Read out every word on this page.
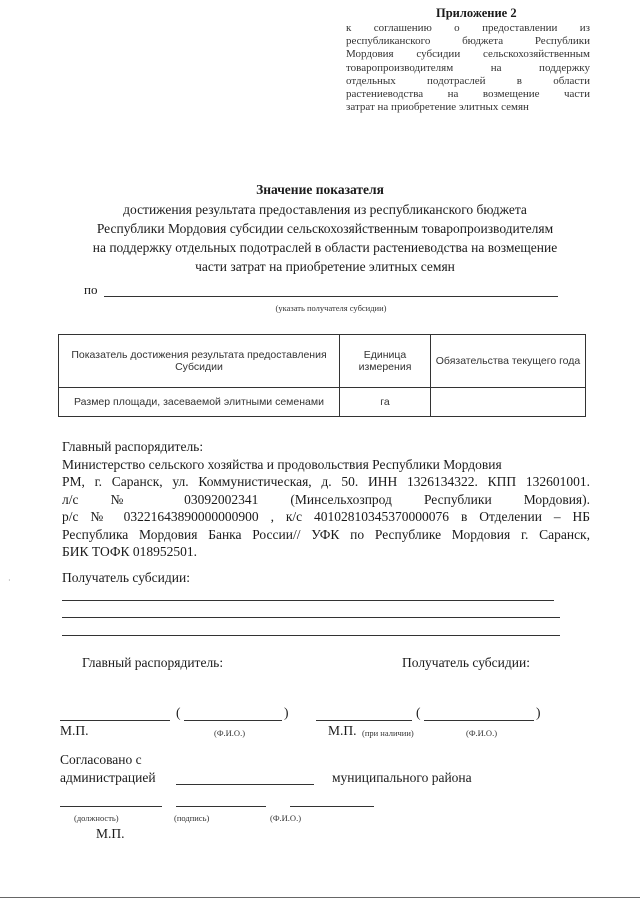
Приложение 2
к соглашению о предоставлении из
республиканского бюджета Республики
Мордовия субсидии сельскохозяйственным
товаропроизводителям на поддержку
отдельных подотраслей в области
растениеводства на возмещение части
затрат на приобретение элитных семян
Значение показателя
достижения результата предоставления из республиканского бюджета Республики Мордовия субсидии сельскохозяйственным товаропроизводителям на поддержку отдельных подотраслей в области растениеводства на возмещение части затрат на приобретение элитных семян
по
(указать получателя субсидии)
Показатель достижения результата предоставления Субсидии	Единица измерения	Обязательства текущего года
Размер площади, засеваемой элитными семенами	га	
Главный распорядитель:
Министерство сельского хозяйства и продовольствия Республики Мордовия
РМ, г. Саранск, ул. Коммунистическая, д. 50. ИНН 1326134322. КПП 132601001.
л/с № 03092002341 (Минсельхозпрод Республики Мордовия).
р/с № 03221643890000000900 , к/с 40102810345370000076 в Отделении – НБ
Республика Мордовия Банка России// УФК по Республике Мордовия г. Саранск,
БИК ТОФК 018952501.
Получатель субсидии:
Главный распорядитель:	Получатель субсидии:
(	)	(	)
М.П.	(Ф.И.О.)	М.П. (при наличии)	(Ф.И.О.)
Согласовано с
администрацией	муниципального района
(должность)	(подпись)	(Ф.И.О.)
М.П.
·
